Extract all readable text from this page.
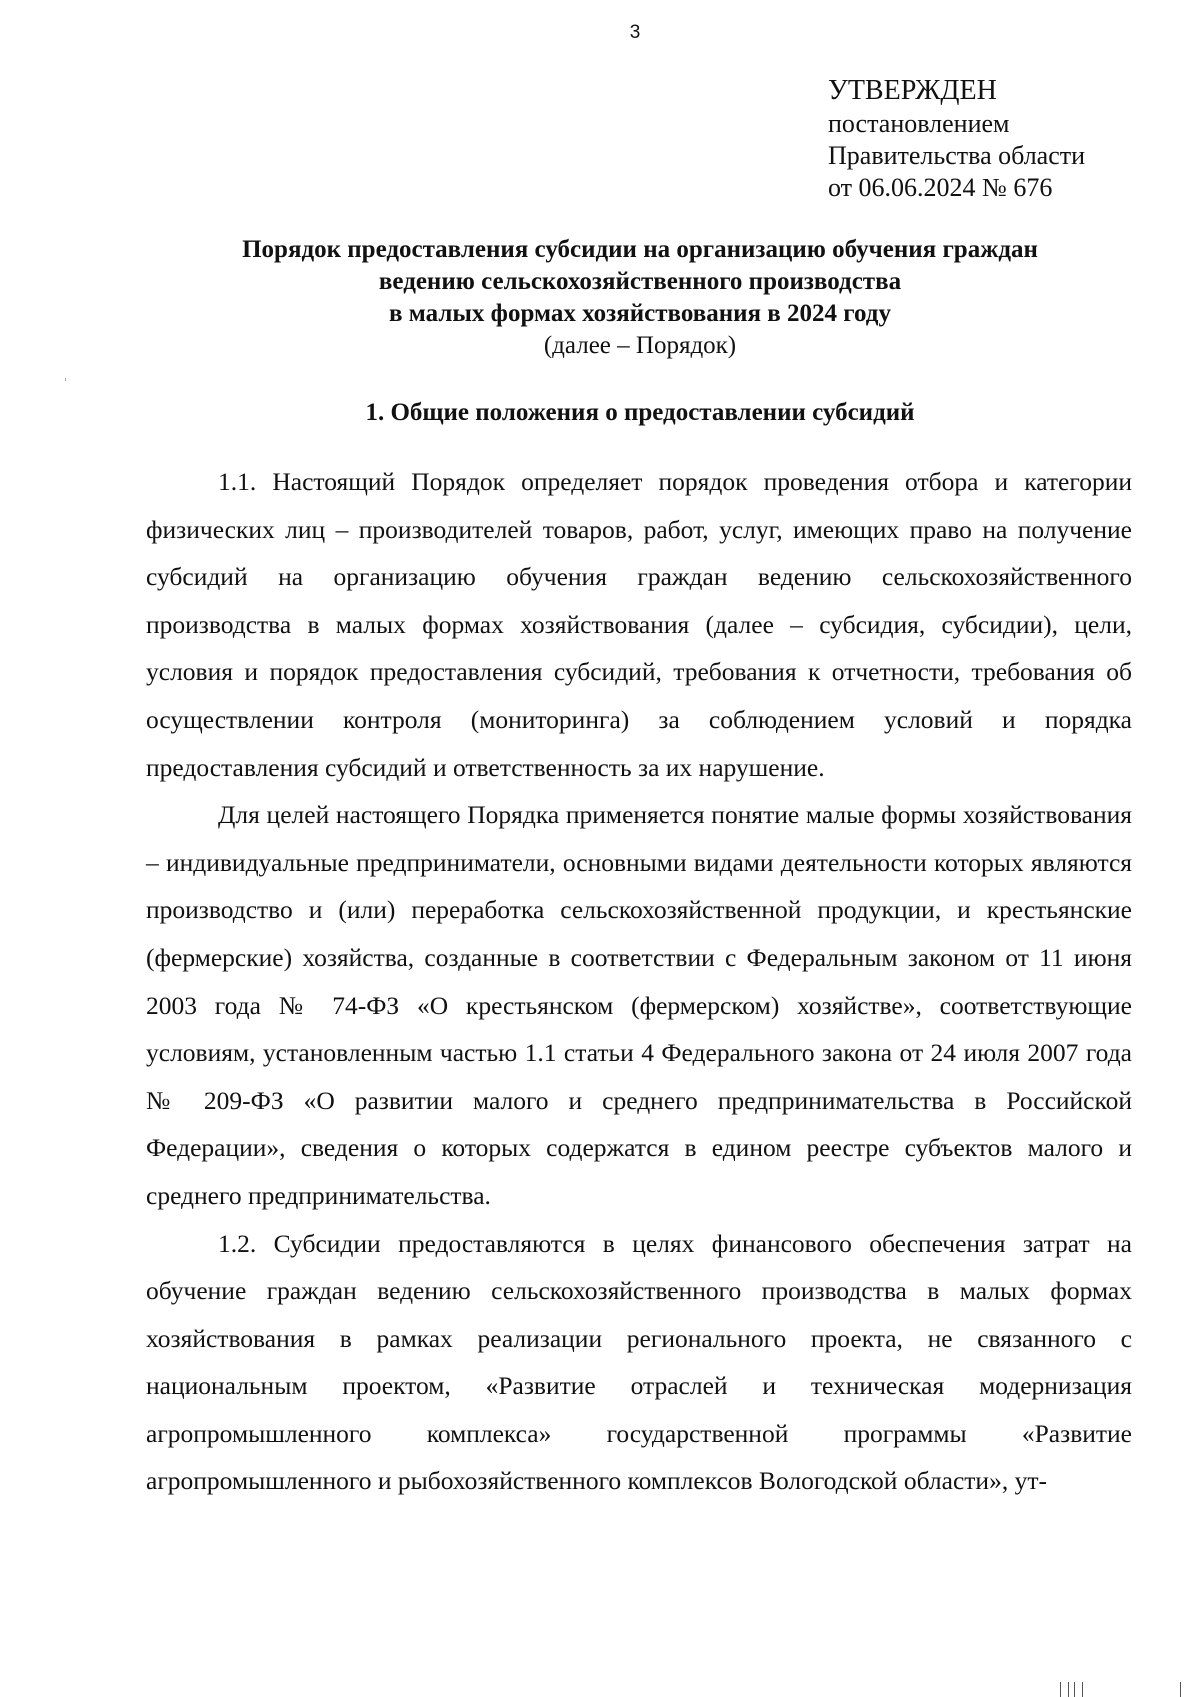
3
УТВЕРЖДЕН
постановлением
Правительства области
от 06.06.2024 № 676
Порядок предоставления субсидии на организацию обучения граждан
ведению сельскохозяйственного производства
в малых формах хозяйствования в 2024 году
(далее – Порядок)
1. Общие положения о предоставлении субсидий

1.1. Настоящий Порядок определяет порядок проведения отбора и категории физических лиц – производителей товаров, работ, услуг, имеющих право на получение субсидий на организацию обучения граждан ведению сельскохозяйственного производства в малых формах хозяйствования (далее – субсидия, субсидии), цели, условия и порядок предоставления субсидий, требования к отчетности, требования об осуществлении контроля (мониторинга) за соблюдением условий и порядка предоставления субсидий и ответственность за их нарушение.

Для целей настоящего Порядка применяется понятие малые формы хозяйствования – индивидуальные предприниматели, основными видами деятельности которых являются производство и (или) переработка сельскохозяйственной продукции, и крестьянские (фермерские) хозяйства, созданные в соответствии с Федеральным законом от 11 июня 2003 года № 74-ФЗ «О крестьянском (фермерском) хозяйстве», соответствующие условиям, установленным частью 1.1 статьи 4 Федерального закона от 24 июля 2007 года № 209-ФЗ «О развитии малого и среднего предпринимательства в Российской Федерации», сведения о которых содержатся в едином реестре субъектов малого и среднего предпринимательства.

1.2. Субсидии предоставляются в целях финансового обеспечения затрат на обучение граждан ведению сельскохозяйственного производства в малых формах хозяйствования в рамках реализации регионального проекта, не связанного с национальным проектом, «Развитие отраслей и техническая модернизация агропромышленного комплекса» государственной программы «Развитие агропромышленного и рыбохозяйственного комплексов Вологодской области», ут-
